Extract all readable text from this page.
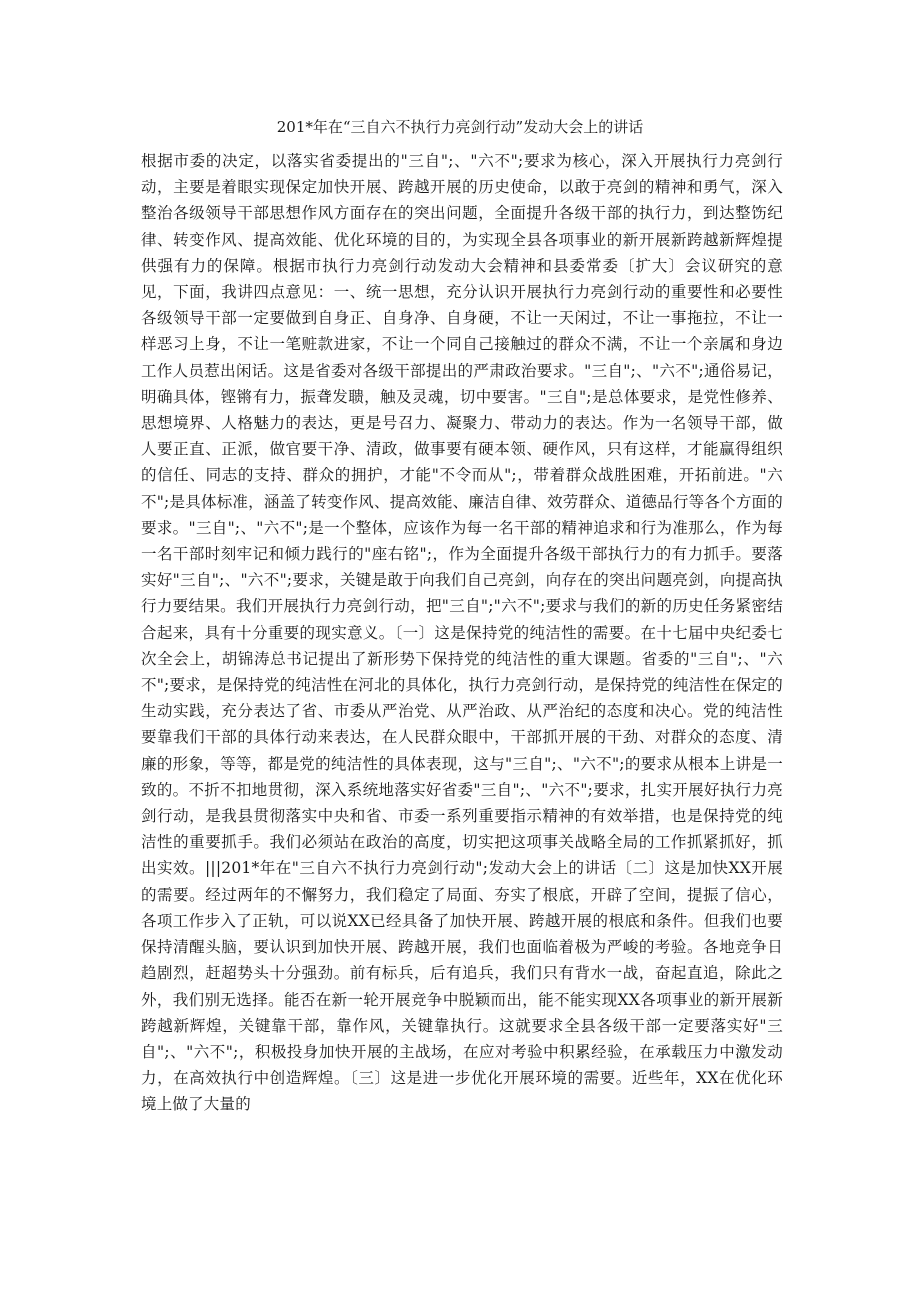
201*年在“三自六不执行力亮剑行动”发动大会上的讲话

根据市委的决定，以落实省委提出的"三自";、"六不";要求为核心，深入开展执行力亮剑行动，主要是着眼实现保定加快开展、跨越开展的历史使命，以敢于亮剑的精神和勇气，深入整治各级领导干部思想作风方面存在的突出问题，全面提升各级干部的执行力，到达整饬纪律、转变作风、提高效能、优化环境的目的，为实现全县各项事业的新开展新跨越新辉煌提供强有力的保障。根据市执行力亮剑行动发动大会精神和县委常委〔扩大〕会议研究的意见，下面，我讲四点意见：一、统一思想，充分认识开展执行力亮剑行动的重要性和必要性各级领导干部一定要做到自身正、自身净、自身硬，不让一天闲过，不让一事拖拉，不让一样恶习上身，不让一笔赃款进家，不让一个同自己接触过的群众不满，不让一个亲属和身边工作人员惹出闲话。这是省委对各级干部提出的严肃政治要求。"三自";、"六不";通俗易记，明确具体，铿锵有力，振聋发聩，触及灵魂，切中要害。"三自";是总体要求，是党性修养、思想境界、人格魅力的表达，更是号召力、凝聚力、带动力的表达。作为一名领导干部，做人要正直、正派，做官要干净、清政，做事要有硬本领、硬作风，只有这样，才能赢得组织的信任、同志的支持、群众的拥护，才能"不令而从";，带着群众战胜困难，开拓前进。"六不";是具体标准，涵盖了转变作风、提高效能、廉洁自律、效劳群众、道德品行等各个方面的要求。"三自";、"六不";是一个整体，应该作为每一名干部的精神追求和行为准那么，作为每一名干部时刻牢记和倾力践行的"座右铭";，作为全面提升各级干部执行力的有力抓手。要落实好"三自";、"六不";要求，关键是敢于向我们自己亮剑，向存在的突出问题亮剑，向提高执行力要结果。我们开展执行力亮剑行动，把"三自";"六不";要求与我们的新的历史任务紧密结合起来，具有十分重要的现实意义。〔一〕这是保持党的纯洁性的需要。在十七届中央纪委七次全会上，胡锦涛总书记提出了新形势下保持党的纯洁性的重大课题。省委的"三自";、"六不";要求，是保持党的纯洁性在河北的具体化，执行力亮剑行动，是保持党的纯洁性在保定的生动实践，充分表达了省、市委从严治党、从严治政、从严治纪的态度和决心。党的纯洁性要靠我们干部的具体行动来表达，在人民群众眼中，干部抓开展的干劲、对群众的态度、清廉的形象，等等，都是党的纯洁性的具体表现，这与"三自";、"六不";的要求从根本上讲是一致的。不折不扣地贯彻，深入系统地落实好省委"三自";、"六不";要求，扎实开展好执行力亮剑行动，是我县贯彻落实中央和省、市委一系列重要指示精神的有效举措，也是保持党的纯洁性的重要抓手。我们必须站在政治的高度，切实把这项事关战略全局的工作抓紧抓好，抓出实效。|||201*年在"三自六不执行力亮剑行动";发动大会上的讲话〔二〕这是加快XX开展的需要。经过两年的不懈努力，我们稳定了局面、夯实了根底，开辟了空间，提振了信心，各项工作步入了正轨，可以说XX已经具备了加快开展、跨越开展的根底和条件。但我们也要保持清醒头脑，要认识到加快开展、跨越开展，我们也面临着极为严峻的考验。各地竞争日趋剧烈，赶超势头十分强劲。前有标兵，后有追兵，我们只有背水一战，奋起直追，除此之外，我们别无选择。能否在新一轮开展竞争中脱颖而出，能不能实现XX各项事业的新开展新跨越新辉煌，关键靠干部，靠作风，关键靠执行。这就要求全县各级干部一定要落实好"三自";、"六不";，积极投身加快开展的主战场，在应对考验中积累经验，在承载压力中激发动力，在高效执行中创造辉煌。〔三〕这是进一步优化开展环境的需要。近些年，XX在优化环境上做了大量的
